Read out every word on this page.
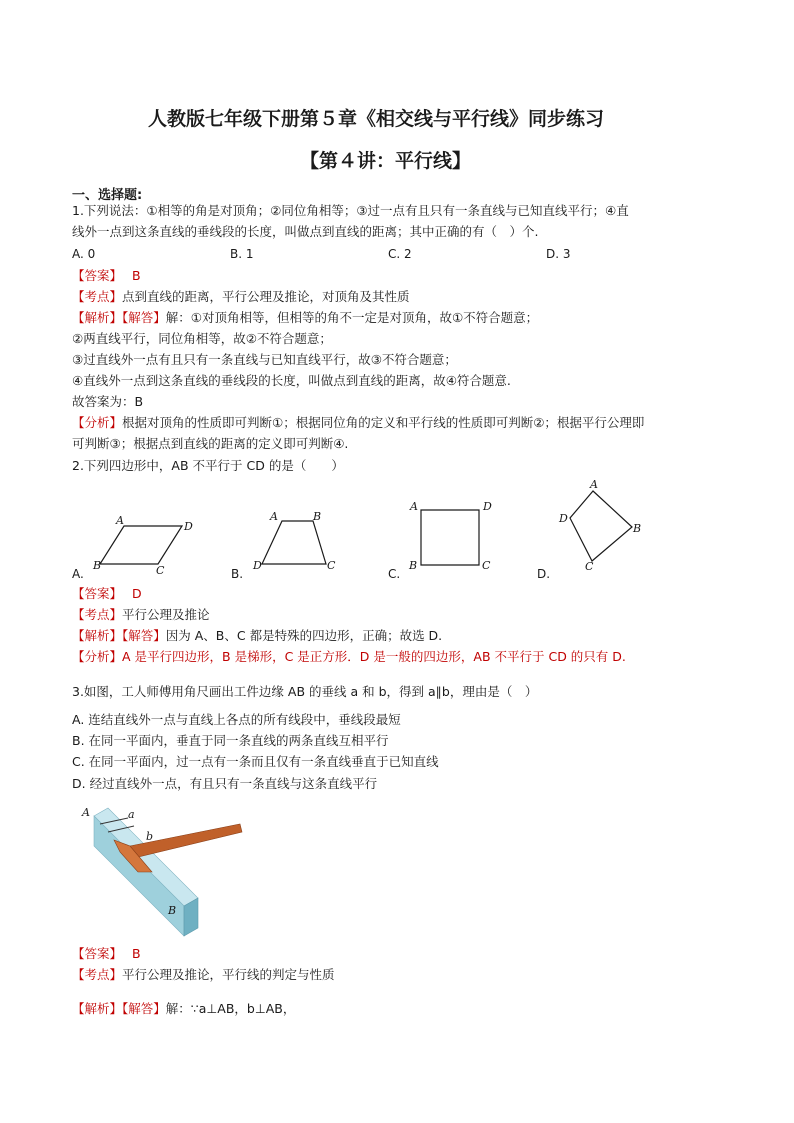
人教版七年级下册第５章《相交线与平行线》同步练习
【第４讲：平行线】
一、选择题:
1.下列说法：①相等的角是对顶角；②同位角相等；③过一点有且只有一条直线与已知直线平行；④直
线外一点到这条直线的垂线段的长度，叫做点到直线的距离；其中正确的有（　）个.
A. 0	B. 1	C. 2	D. 3
【答案】 B
【考点】点到直线的距离，平行公理及推论，对顶角及其性质
【解析】【解答】解：①对顶角相等，但相等的角不一定是对顶角，故①不符合题意；
②两直线平行，同位角相等，故②不符合题意；
③过直线外一点有且只有一条直线与已知直线平行，故③不符合题意；
④直线外一点到这条直线的垂线段的长度，叫做点到直线的距离，故④符合题意.
故答案为：B
【分析】根据对顶角的性质即可判断①；根据同位角的定义和平行线的性质即可判断②；根据平行公理即
可判断③；根据点到直线的距离的定义即可判断④.
2.下列四边形中，AB 不平行于 CD 的是（　　）
A	D
B	C
A	B
D	C
A	D
B	C
A
D
B
C
A.	B.	C.	D.
【答案】 D
【考点】平行公理及推论
【解析】【解答】因为 A、B、C 都是特殊的四边形，正确；故选 D.
【分析】A 是平行四边形，B 是梯形，C 是正方形．D 是一般的四边形，AB 不平行于 CD 的只有 D.
3.如图，工人师傅用角尺画出工件边缘 AB 的垂线 a 和 b，得到 a∥b，理由是（　）
A. 连结直线外一点与直线上各点的所有线段中，垂线段最短
B. 在同一平面内，垂直于同一条直线的两条直线互相平行
C. 在同一平面内，过一点有一条而且仅有一条直线垂直于已知直线
D. 经过直线外一点，有且只有一条直线与这条直线平行
A	a
b
B
【答案】 B
【考点】平行公理及推论，平行线的判定与性质
【解析】【解答】解：∵a⊥AB，b⊥AB，
